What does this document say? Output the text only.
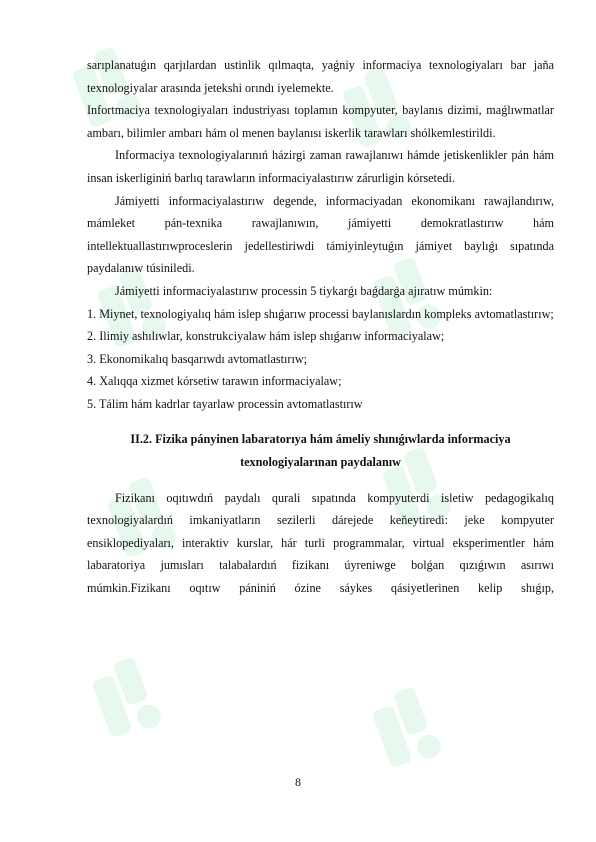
sarıplanatuǵın qarjılardan ustinlik qılmaqta, yaǵniy informaciya texnologiyaları bar jaňa texnologiyalar arasında jetekshi orındı iyelemekte.

Infortmaciya texnologiyaları industriyası toplamın kompyuter, baylanıs dizimi, maǵlıwmatlar ambarı, bilimler ambarı hám ol menen baylanısı iskerlik tarawları shólkemlestirildi.

Informaciya texnologiyalarınıń házirgi zaman rawajlanıwı hámde jetiskenlikler pán hám insan iskerliginiń barlıq tarawların informaciyalastırıw zárurligin kórsetedi.

Jámiyetti informaciyalastırıw degende, informaciyadan ekonomikanı rawajlandırıw, mámleket pán-texnika rawajlanıwın, jámiyetti demokratlastırıw hám intellektuallastırıwproceslerin jedellestiriwdi támiyinleytuǵın jámiyet baylıǵı sıpatında paydalanıw túsiniledi.

Jámiyetti informaciyalastırıw processin 5 tiykarǵı baǵdarǵa ajıratıw múmkin:

1. Miynet, texnologiyalıq hám islep shıǵarıw processi baylanıslardın kompleks avtomatlastırıw;

2. Ilimiy ashılıwlar, konstrukciyalaw hám islep shıǵarıw informaciyalaw;

3. Ekonomikalıq basqarıwdı avtomatlastırıw;

4. Xalıqqa xizmet kórsetiw tarawın informaciyalaw;

5. Tálim hám kadrlar tayarlaw processin avtomatlastırıw

II.2. Fizika pányinen labaratorıya hám ámeliy shınıǵıwlarda informaciya
texnologiyalarınan paydalanıw

Fizikanı oqıtıwdıń paydalı qurali sıpatında kompyuterdi isletiw pedagogikalıq texnologiyalardıń imkaniyatların sezilerli dárejede keňeytiredi: jeke kompyuter ensiklopediyaları, interaktiv kurslar, hár turli programmalar, virtual eksperimentler hám labaratoriya jumısları talabalardıń fizikanı úyreniwge bolǵan qızıǵıwın asırıwı múmkin.Fizikanı oqıtıw pániniń ózine sáykes qásiyetlerinen kelip shıǵıp,

8
